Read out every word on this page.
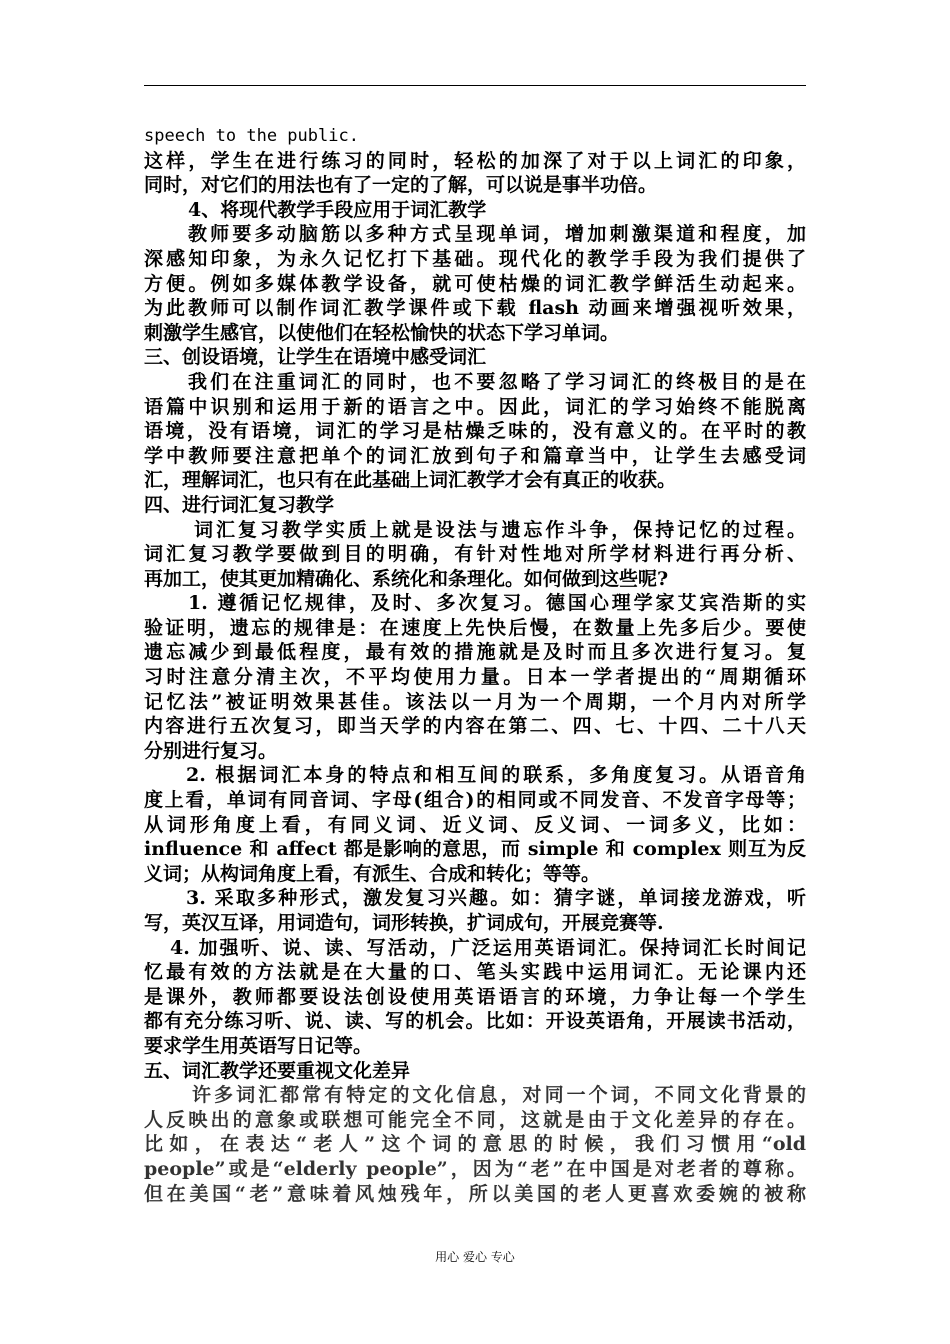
speech to the public.
这样，学生在进行练习的同时，轻松的加深了对于以上词汇的印象，
同时，对它们的用法也有了一定的了解，可以说是事半功倍。
4、将现代教学手段应用于词汇教学
教师要多动脑筋以多种方式呈现单词，增加刺激渠道和程度，加
深感知印象，为永久记忆打下基础。现代化的教学手段为我们提供了
方便。例如多媒体教学设备，就可使枯燥的词汇教学鲜活生动起来。
为此教师可以制作词汇教学课件或下载 flash 动画来增强视听效果，
刺激学生感官，以使他们在轻松愉快的状态下学习单词。
三、创设语境，让学生在语境中感受词汇
我们在注重词汇的同时，也不要忽略了学习词汇的终极目的是在
语篇中识别和运用于新的语言之中。因此，词汇的学习始终不能脱离
语境，没有语境，词汇的学习是枯燥乏味的，没有意义的。在平时的教
学中教师要注意把单个的词汇放到句子和篇章当中，让学生去感受词
汇，理解词汇，也只有在此基础上词汇教学才会有真正的收获。
四、进行词汇复习教学
词汇复习教学实质上就是设法与遗忘作斗争，保持记忆的过程。
词汇复习教学要做到目的明确，有针对性地对所学材料进行再分析、
再加工，使其更加精确化、系统化和条理化。如何做到这些呢?
1. 遵循记忆规律，及时、多次复习。德国心理学家艾宾浩斯的实
验证明，遗忘的规律是：在速度上先快后慢，在数量上先多后少。要使
遗忘减少到最低程度，最有效的措施就是及时而且多次进行复习。复
习时注意分清主次，不平均使用力量。日本一学者提出的“周期循环
记忆法”被证明效果甚佳。该法以一月为一个周期，一个月内对所学
内容进行五次复习，即当天学的内容在第二、四、七、十四、二十八天
分别进行复习。
2. 根据词汇本身的特点和相互间的联系，多角度复习。从语音角
度上看，单词有同音词、字母(组合)的相同或不同发音、不发音字母等；
从词形角度上看，有同义词、近义词、反义词、一词多义，比如：
influence 和 affect 都是影响的意思，而 simple 和 complex 则互为反
义词；从构词角度上看，有派生、合成和转化；等等。
3. 采取多种形式，激发复习兴趣。如：猜字谜，单词接龙游戏，听
写，英汉互译，用词造句，词形转换，扩词成句，开展竞赛等.
4. 加强听、说、读、写活动，广泛运用英语词汇。保持词汇长时间记
忆最有效的方法就是在大量的口、笔头实践中运用词汇。无论课内还
是课外，教师都要设法创设使用英语语言的环境，力争让每一个学生
都有充分练习听、说、读、写的机会。比如：开设英语角，开展读书活动，
要求学生用英语写日记等。
五、词汇教学还要重视文化差异
许多词汇都常有特定的文化信息，对同一个词，不同文化背景的
人反映出的意象或联想可能完全不同，这就是由于文化差异的存在。
比如，在表达“老人”这个词的意思的时候，我们习惯用“old
people”或是“elderly people”，因为“老”在中国是对老者的尊称。
但在美国“老”意味着风烛残年，所以美国的老人更喜欢委婉的被称
用心 爱心 专心
